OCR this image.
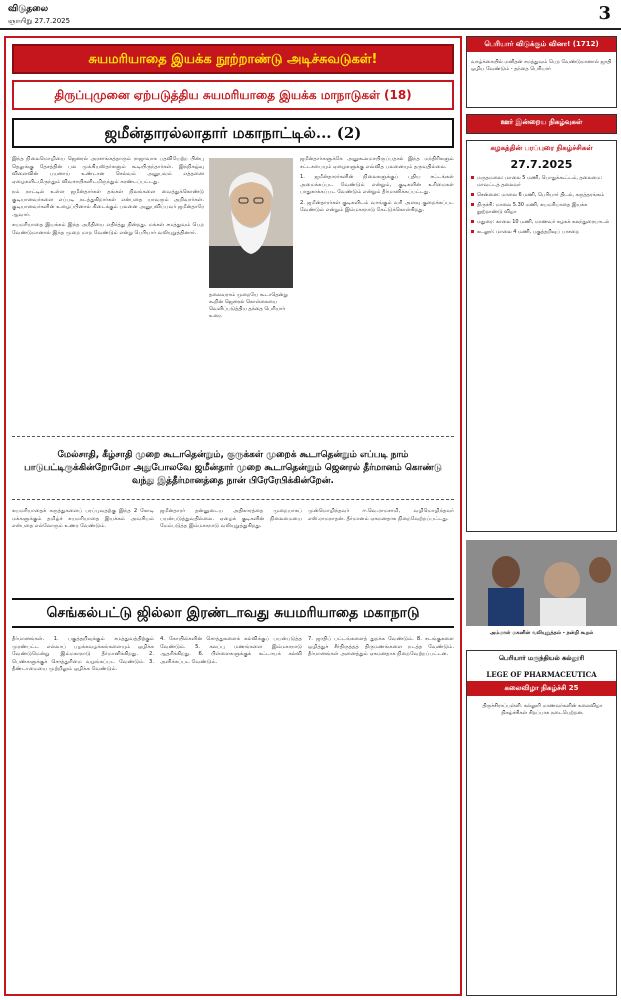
விடுதலை
ஞாயிறு 27.7.2025	3
சுயமரியாதை இயக்க நூற்றாண்டு அடிச்சுவடுகள்!
திருப்புமுனை ஏற்படுத்திய சுயமரியாதை இயக்க மாநாடுகள் (18)
ஜமீன்தாரல்லாதார் மகாநாட்டில்... (2)

இந்த நிலைமொழியை ஜெனரல் அரசாங்கத்தாரும் ராஜாவாக பதவியேற்ற பின்பு தெலுங்கு தேசத்தின் பல முக்கியஸ்தர்களும் கூடியிருந்தார்கள். இந்நிகழ்வு விளைவின் பயனாய் உண்டான செல்வம் அனுபவம் எத்தனை ஏழைகளிடமிருந்தும் விவசாயிகளிடமிருந்தும் சுரண்டப்பட்டது.

நம் நாட்டில் உள்ள ஜமீன்தார்கள் தங்கள் நிலங்களை வைத்துக்கொண்டு குடியானவர்களை எப்படி நடத்துகிறார்கள் என்பதை யாவரும் அறிவார்கள். குடியானவர்களின் உழைப்பினால் கிடைக்கும் பலனை அனுபவிப்பவர் ஜமீன்தாரே ஆவார்.

சுயமரியாதை இயக்கம் இந்த அநீதியை எதிர்த்து நின்றது. மக்கள் சமத்துவம் பெற வேண்டுமானால் இந்த முறை மாற வேண்டும் என்று பெரியார் வலியுறுத்தினார்.

தலைவராம் முறையே கூடாதென்று கூறின் ஜெனரல் கொள்கையை வெளிப்படுத்திய தந்தை பெரியார் உரை.

ஜமீன்தார்களுக்கே அனுகூலமாயிருப்பதால் இந்த மந்திரிகளும் சட்டசபையும் ஏழைகளுக்கு எவ்வித பலனையும் தருவதில்லை.

1. ஜமீன்தாரர்களின் நிலைகளுக்குப் புதிய சட்டங்கள் அமைக்கப்பட வேண்டும் என்றும், குடிகளின் உரிமைகள் பாதுகாக்கப்பட வேண்டும் என்றும் தீர்மானிக்கப்பட்டது.

2. ஜமீன்தாரர்கள் குடிகளிடம் வாங்கும் வரி அளவு குறைக்கப்பட வேண்டும் என்றும் இம்மகாநாடு கேட்டுக்கொள்கிறது.

மேல்சாதி, கீழ்சாதி முறை கூடாதென்றும், குருக்கள் முறைக் கூடாதென்றும் எப்படி நாம் பாடுபட்டிருக்கின்றோமோ அதுபோலவே ஜமீன்தார் முறை கூடாதென்றும் ஜெனரல் தீர்மானம் கொண்டு வந்து இத்தீர்மானத்தை நான் பிரேரேபிக்கின்றேன்.

சுயமரியாதைக் கருத்துகளைப் பரப்புவதற்கு இந்த 2 கோடி மக்களுக்கும் தமிழ்ச் சுயமரியாதை இயக்கம் அவசியம் என்பதை எல்லோரும் உணர வேண்டும்.

ஜமீன்தாரர் தன்னுடைய அதிகாரத்தை முறையாகப் பயன்படுத்துவதில்லை. ஏழைக் குடிகளின் நிலைமையை மேம்படுத்த இம்மகாநாடு வலியுறுத்துகிறது.

முன்மொழிந்தவர் ஈ.வெ.ராமசாமி, வழிமொழிந்தவர் எஸ்.ராமநாதன். தீர்மானம் ஏகமனதாக நிறைவேற்றப்பட்டது.

செங்கல்பட்டு ஜில்லா இரண்டாவது சுயமரியாதை மகாநாடு

தீர்மானங்கள். 1. பகுத்தறிவுக்கும் சமத்துவத்திற்கும் முரண்பட்ட எல்லாப் பழக்கவழக்கங்களையும் ஒழிக்க வேண்டுமென்று இம்மகாநாடு தீர்மானிக்கிறது. 2. பெண்களுக்குச் சொத்துரிமை வழங்கப்பட வேண்டும். 3. தீண்டாமையை முற்றிலும் ஒழிக்க வேண்டும்.

4. கோயில்களின் சொத்துகளைக் கல்விக்குப் பயன்படுத்த வேண்டும். 5. கலப்பு மணங்களை இம்மகாநாடு ஆதரிக்கிறது. 6. பிள்ளைகளுக்குக் கட்டாயக் கல்வி அளிக்கப்பட வேண்டும்.

7. ஜாதிப் பட்டங்களைத் துறக்க வேண்டும். 8. சடங்குகளை ஒழித்துச் சீர்திருத்தத் திருமணங்களை நடத்த வேண்டும். தீர்மானங்கள் அனைத்தும் ஏகமனதாக நிறைவேற்றப்பட்டன.

பெரியார் விடுக்கும் வினா! (1712)
வாழ்க்கையில் மனிதன் சமத்துவம் பெற வேண்டுமானால் ஜாதி ஒழிய வேண்டும் - தந்தை பெரியார்
ஊர் இன்றைய நிகழ்வுகள்
கழகத்தின் பரப்புரை நிகழ்ச்சிகள்
27.7.2025
மருதமலை: மாலை 5 மணி, பொதுக்கூட்டம், தலைமை: மாவட்டத் தலைவர்
சென்னை: மாலை 6 மணி, பெரியார் திடல், கருத்தரங்கம்
திருச்சி: மாலை 5.30 மணி, சுயமரியாதை இயக்க நூற்றாண்டு விழா
மதுரை: காலை 10 மணி, மாணவர் கழகக் கலந்துரையாடல்
கடலூர்: மாலை 4 மணி, பகுத்தறிவுப் பாசறை
அம்மாள் மகனின் வலியுறுத்தல் - நன்றி கூறல்
பெரியார் மருந்தியல் கல்லூரி
LEGE OF PHARMACEUTICA
கலைவிழா நிகழ்ச்சி 25
திருச்சிராப்பள்ளி. கல்லூரி மாணவர்களின் கலைவிழா நிகழ்ச்சிகள் சிறப்பாக நடைபெற்றன.
